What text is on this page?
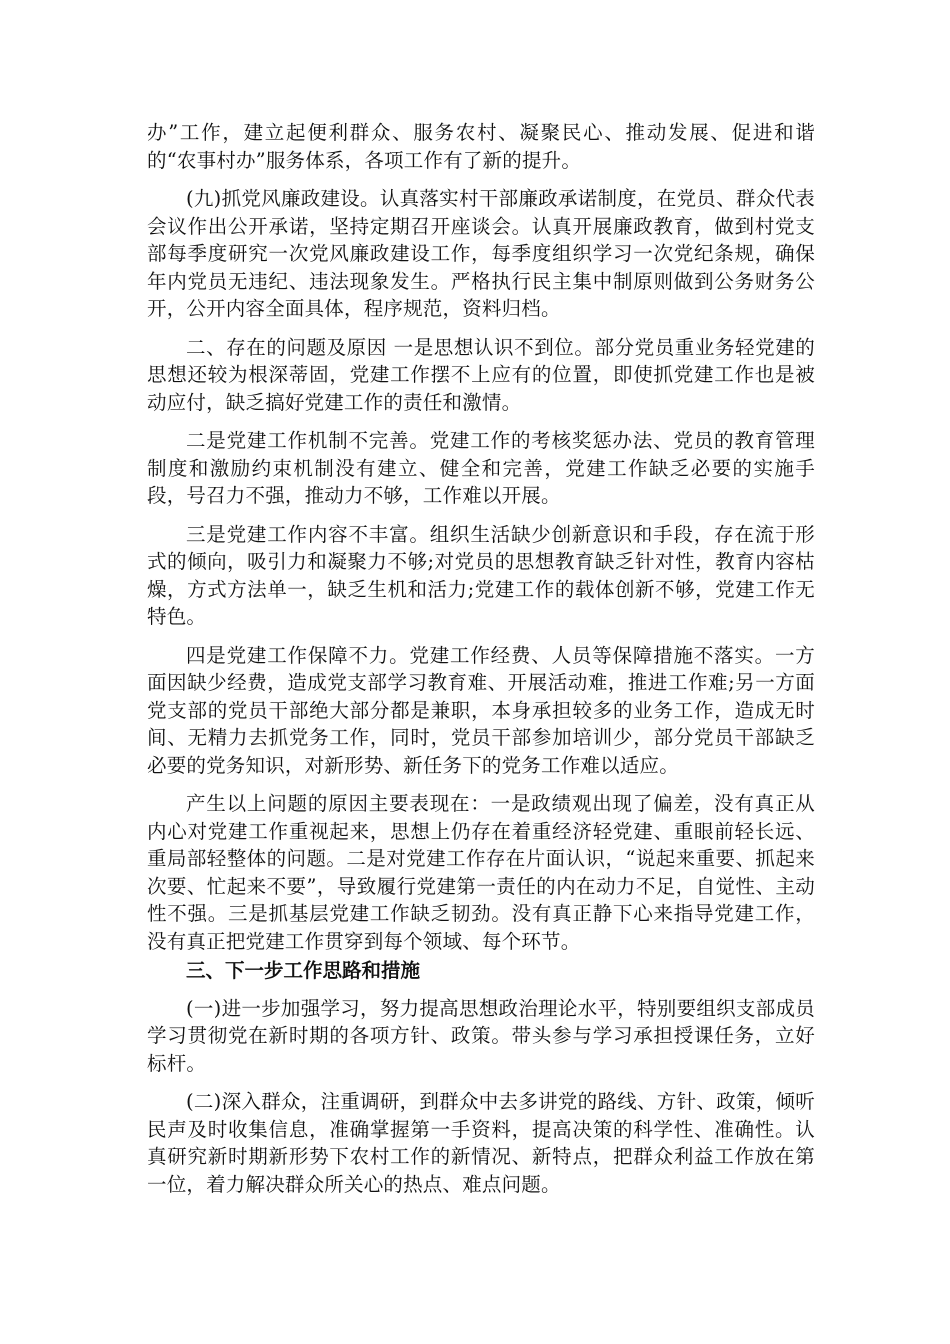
办”工作，建立起便利群众、服务农村、凝聚民心、推动发展、促进和谐的“农事村办”服务体系，各项工作有了新的提升。

(九)抓党风廉政建设。认真落实村干部廉政承诺制度，在党员、群众代表会议作出公开承诺，坚持定期召开座谈会。认真开展廉政教育，做到村党支部每季度研究一次党风廉政建设工作，每季度组织学习一次党纪条规，确保年内党员无违纪、违法现象发生。严格执行民主集中制原则做到公务财务公开，公开内容全面具体，程序规范，资料归档。

二、存在的问题及原因 一是思想认识不到位。部分党员重业务轻党建的思想还较为根深蒂固，党建工作摆不上应有的位置，即使抓党建工作也是被动应付，缺乏搞好党建工作的责任和激情。

二是党建工作机制不完善。党建工作的考核奖惩办法、党员的教育管理制度和激励约束机制没有建立、健全和完善，党建工作缺乏必要的实施手段，号召力不强，推动力不够，工作难以开展。

三是党建工作内容不丰富。组织生活缺少创新意识和手段，存在流于形式的倾向，吸引力和凝聚力不够;对党员的思想教育缺乏针对性，教育内容枯燥，方式方法单一，缺乏生机和活力;党建工作的载体创新不够，党建工作无特色。

四是党建工作保障不力。党建工作经费、人员等保障措施不落实。一方面因缺少经费，造成党支部学习教育难、开展活动难，推进工作难;另一方面党支部的党员干部绝大部分都是兼职，本身承担较多的业务工作，造成无时间、无精力去抓党务工作，同时，党员干部参加培训少，部分党员干部缺乏必要的党务知识，对新形势、新任务下的党务工作难以适应。

产生以上问题的原因主要表现在：一是政绩观出现了偏差，没有真正从内心对党建工作重视起来，思想上仍存在着重经济轻党建、重眼前轻长远、重局部轻整体的问题。二是对党建工作存在片面认识，“说起来重要、抓起来次要、忙起来不要”，导致履行党建第一责任的内在动力不足，自觉性、主动性不强。三是抓基层党建工作缺乏韧劲。没有真正静下心来指导党建工作，没有真正把党建工作贯穿到每个领域、每个环节。

三、下一步工作思路和措施

(一)进一步加强学习，努力提高思想政治理论水平，特别要组织支部成员学习贯彻党在新时期的各项方针、政策。带头参与学习承担授课任务，立好标杆。

(二)深入群众，注重调研，到群众中去多讲党的路线、方针、政策，倾听民声及时收集信息，准确掌握第一手资料，提高决策的科学性、准确性。认真研究新时期新形势下农村工作的新情况、新特点，把群众利益工作放在第一位，着力解决群众所关心的热点、难点问题。
